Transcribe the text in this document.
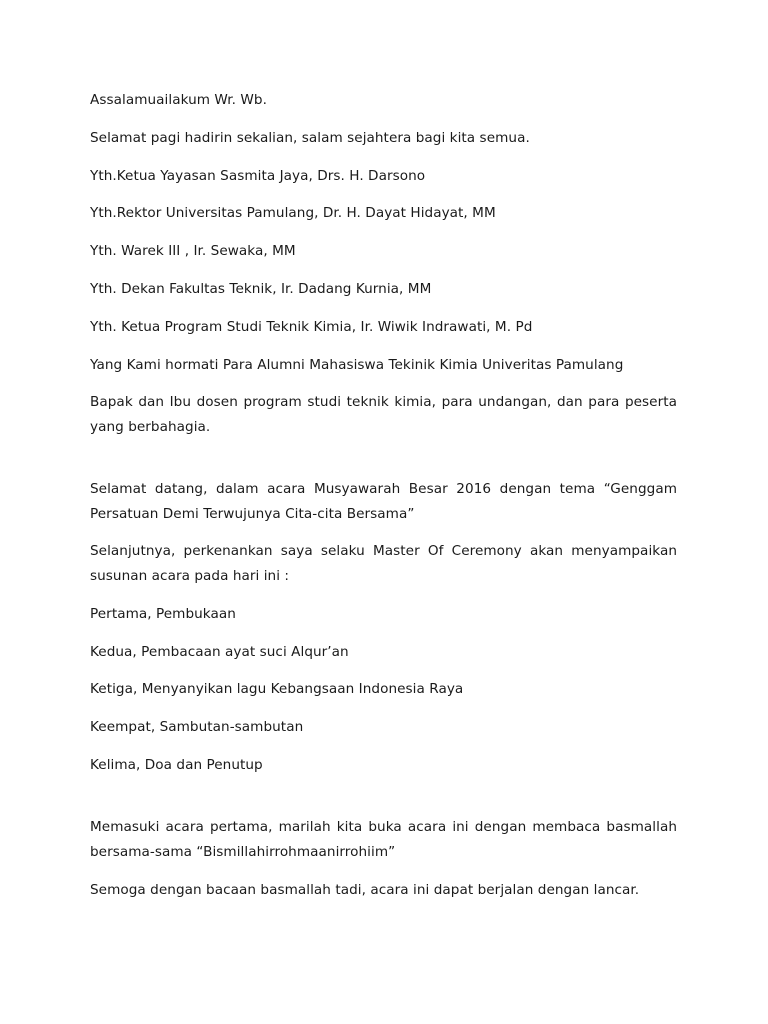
Assalamuailakum Wr. Wb.

Selamat pagi hadirin sekalian, salam sejahtera bagi kita semua.

Yth.Ketua Yayasan Sasmita Jaya, Drs. H. Darsono

Yth.Rektor Universitas Pamulang, Dr. H. Dayat Hidayat, MM

Yth. Warek III , Ir. Sewaka, MM

Yth. Dekan Fakultas Teknik, Ir. Dadang Kurnia, MM

Yth. Ketua Program Studi Teknik Kimia, Ir. Wiwik Indrawati, M. Pd

Yang Kami hormati Para Alumni Mahasiswa Tekinik Kimia Univeritas Pamulang

Bapak dan Ibu dosen program studi teknik kimia, para undangan, dan para peserta yang berbahagia.

Selamat datang, dalam acara Musyawarah Besar 2016 dengan tema “Genggam Persatuan Demi Terwujunya Cita-cita Bersama”

Selanjutnya, perkenankan saya selaku Master Of Ceremony akan menyampaikan susunan acara pada hari ini :

Pertama, Pembukaan

Kedua, Pembacaan ayat suci Alqur’an

Ketiga, Menyanyikan lagu Kebangsaan Indonesia Raya

Keempat, Sambutan-sambutan

Kelima, Doa dan Penutup

Memasuki acara pertama, marilah kita buka acara ini dengan membaca basmallah bersama-sama “Bismillahirrohmaanirrohiim”

Semoga dengan bacaan basmallah tadi, acara ini dapat berjalan dengan lancar.
